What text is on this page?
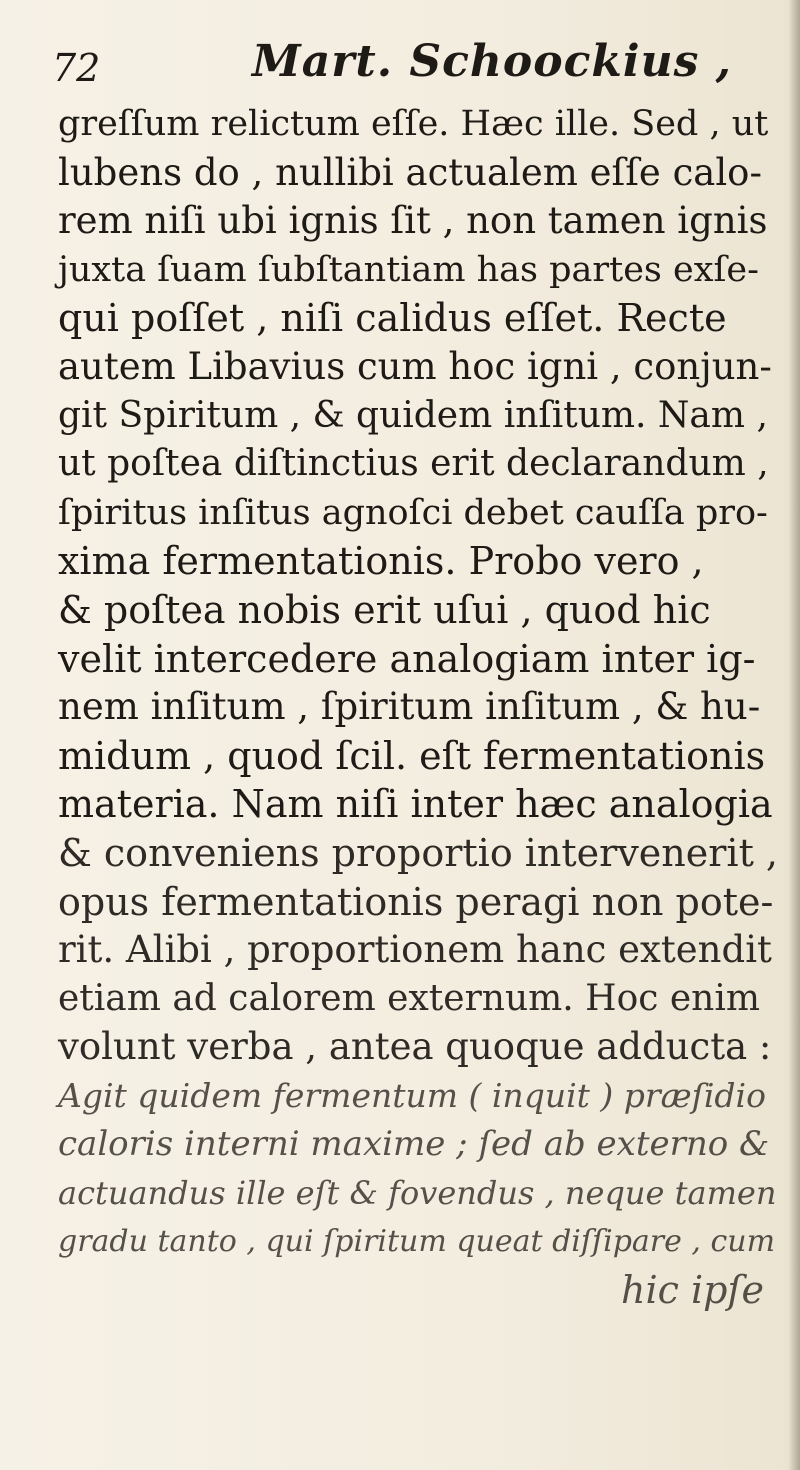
72	Mart. Schoockius ,
greſſum relictum eſſe. Hæc ille. Sed , ut
lubens do , nullibi actualem eſſe calo-
rem niſi ubi ignis ſit , non tamen ignis
juxta ſuam ſubſtantiam has partes exſe-
qui poſſet , niſi calidus eſſet. Recte
autem Libavius cum hoc igni , conjun-
git Spiritum , & quidem inſitum. Nam ,
ut poſtea diſtinctius erit declarandum ,
ſpiritus inſitus agnoſci debet cauſſa pro-
xima fermentationis. Probo vero ,
& poſtea nobis erit uſui , quod hic
velit intercedere analogiam inter ig-
nem inſitum , ſpiritum inſitum , & hu-
midum , quod ſcil. eſt fermentationis
materia. Nam niſi inter hæc analogia
& conveniens proportio intervenerit ,
opus fermentationis peragi non pote-
rit. Alibi , proportionem hanc extendit
etiam ad calorem externum. Hoc enim
volunt verba , antea quoque adducta :
Agit quidem fermentum ( inquit ) præſidio
caloris interni maxime ; ſed ab externo &
actuandus ille eſt & fovendus , neque tamen
gradu tanto , qui ſpiritum queat diſſipare , cum
hic ipſe
